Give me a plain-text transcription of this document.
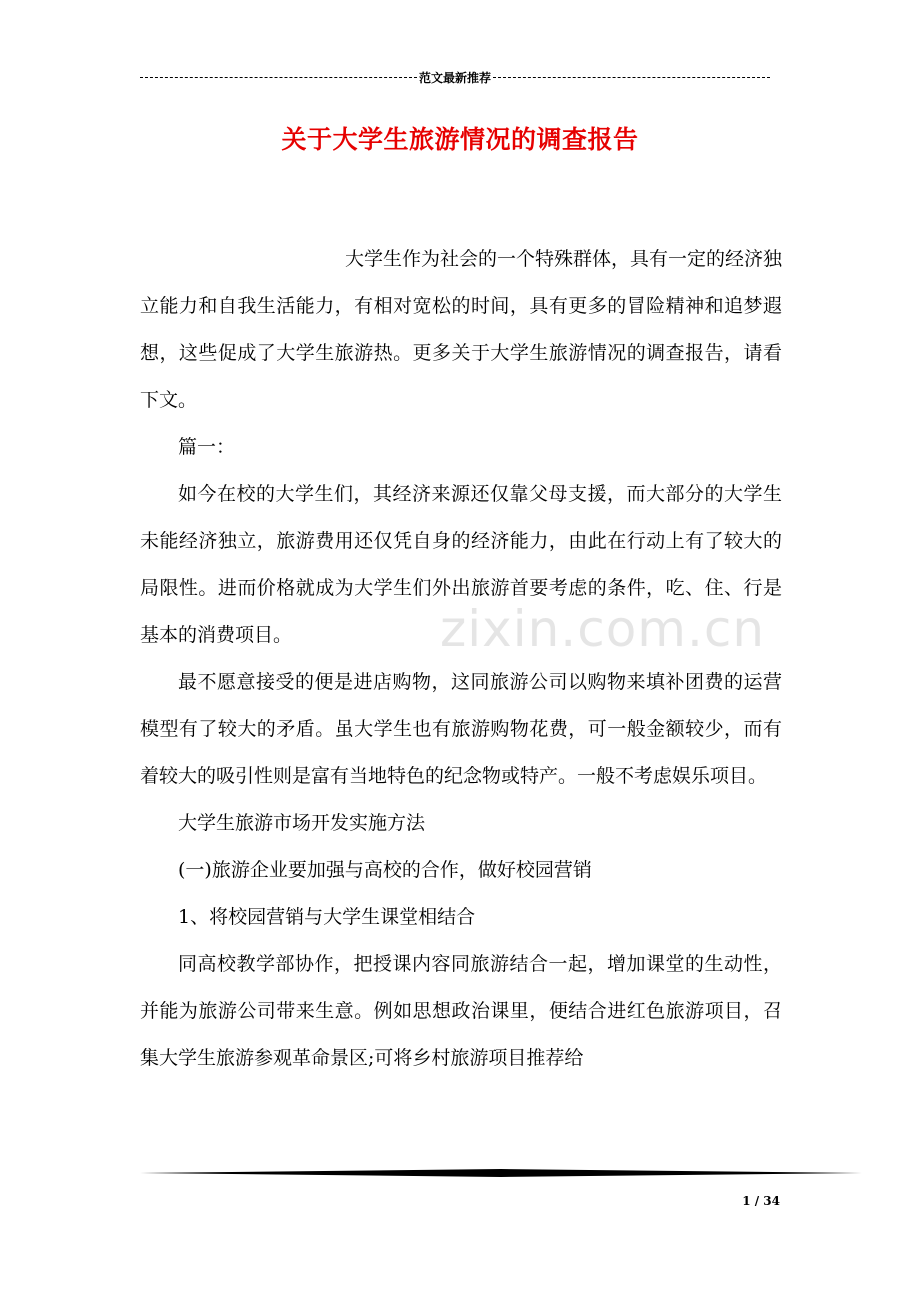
范文最新推荐
关于大学生旅游情况的调查报告

大学生作为社会的一个特殊群体，具有一定的经济独立能力和自我生活能力，有相对宽松的时间，具有更多的冒险精神和追梦遐想，这些促成了大学生旅游热。更多关于大学生旅游情况的调查报告，请看下文。

篇一：

如今在校的大学生们，其经济来源还仅靠父母支援，而大部分的大学生未能经济独立，旅游费用还仅凭自身的经济能力，由此在行动上有了较大的局限性。进而价格就成为大学生们外出旅游首要考虑的条件，吃、住、行是基本的消费项目。

最不愿意接受的便是进店购物，这同旅游公司以购物来填补团费的运营模型有了较大的矛盾。虽大学生也有旅游购物花费，可一般金额较少，而有着较大的吸引性则是富有当地特色的纪念物或特产。一般不考虑娱乐项目。

大学生旅游市场开发实施方法

(一)旅游企业要加强与高校的合作，做好校园营销

1、将校园营销与大学生课堂相结合

同高校教学部协作，把授课内容同旅游结合一起，增加课堂的生动性，并能为旅游公司带来生意。例如思想政治课里，便结合进红色旅游项目，召集大学生旅游参观革命景区;可将乡村旅游项目推荐给

zixin.com.cn
1 / 34
